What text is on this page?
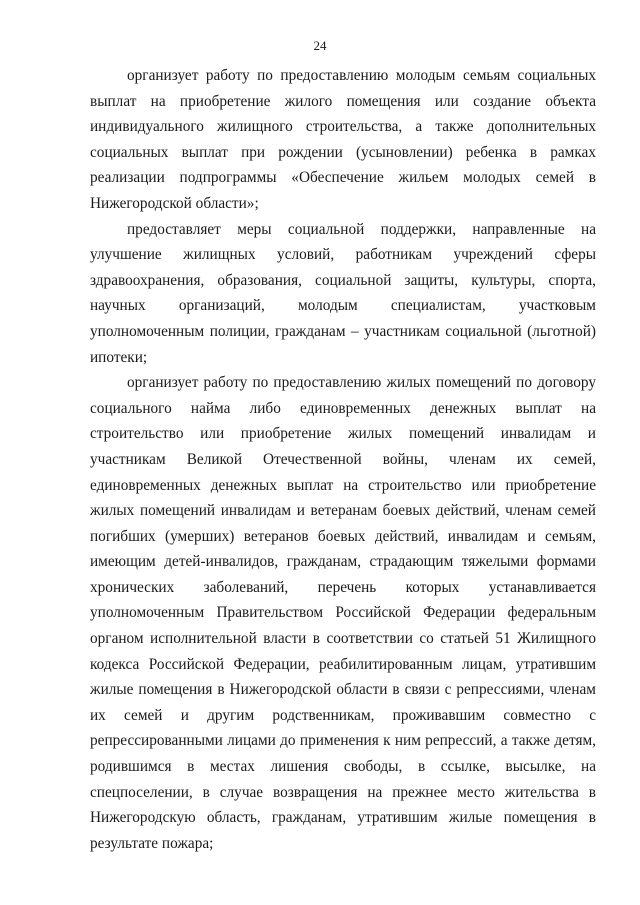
24

организует работу по предоставлению молодым семьям социальных выплат на приобретение жилого помещения или создание объекта индивидуального жилищного строительства, а также дополнительных социальных выплат при рождении (усыновлении) ребенка в рамках реализации подпрограммы «Обеспечение жильем молодых семей в Нижегородской области»;

предоставляет меры социальной поддержки, направленные на улучшение жилищных условий, работникам учреждений сферы здравоохранения, образования, социальной защиты, культуры, спорта, научных организаций, молодым специалистам, участковым уполномоченным полиции, гражданам – участникам социальной (льготной) ипотеки;

организует работу по предоставлению жилых помещений по договору социального найма либо единовременных денежных выплат на строительство или приобретение жилых помещений инвалидам и участникам Великой Отечественной войны, членам их семей, единовременных денежных выплат на строительство или приобретение жилых помещений инвалидам и ветеранам боевых действий, членам семей погибших (умерших) ветеранов боевых действий, инвалидам и семьям, имеющим детей-инвалидов, гражданам, страдающим тяжелыми формами хронических заболеваний, перечень которых устанавливается уполномоченным Правительством Российской Федерации федеральным органом исполнительной власти в соответствии со статьей 51 Жилищного кодекса Российской Федерации, реабилитированным лицам, утратившим жилые помещения в Нижегородской области в связи с репрессиями, членам их семей и другим родственникам, проживавшим совместно с репрессированными лицами до применения к ним репрессий, а также детям, родившимся в местах лишения свободы, в ссылке, высылке, на спецпоселении, в случае возвращения на прежнее место жительства в Нижегородскую область, гражданам, утратившим жилые помещения в результате пожара;
